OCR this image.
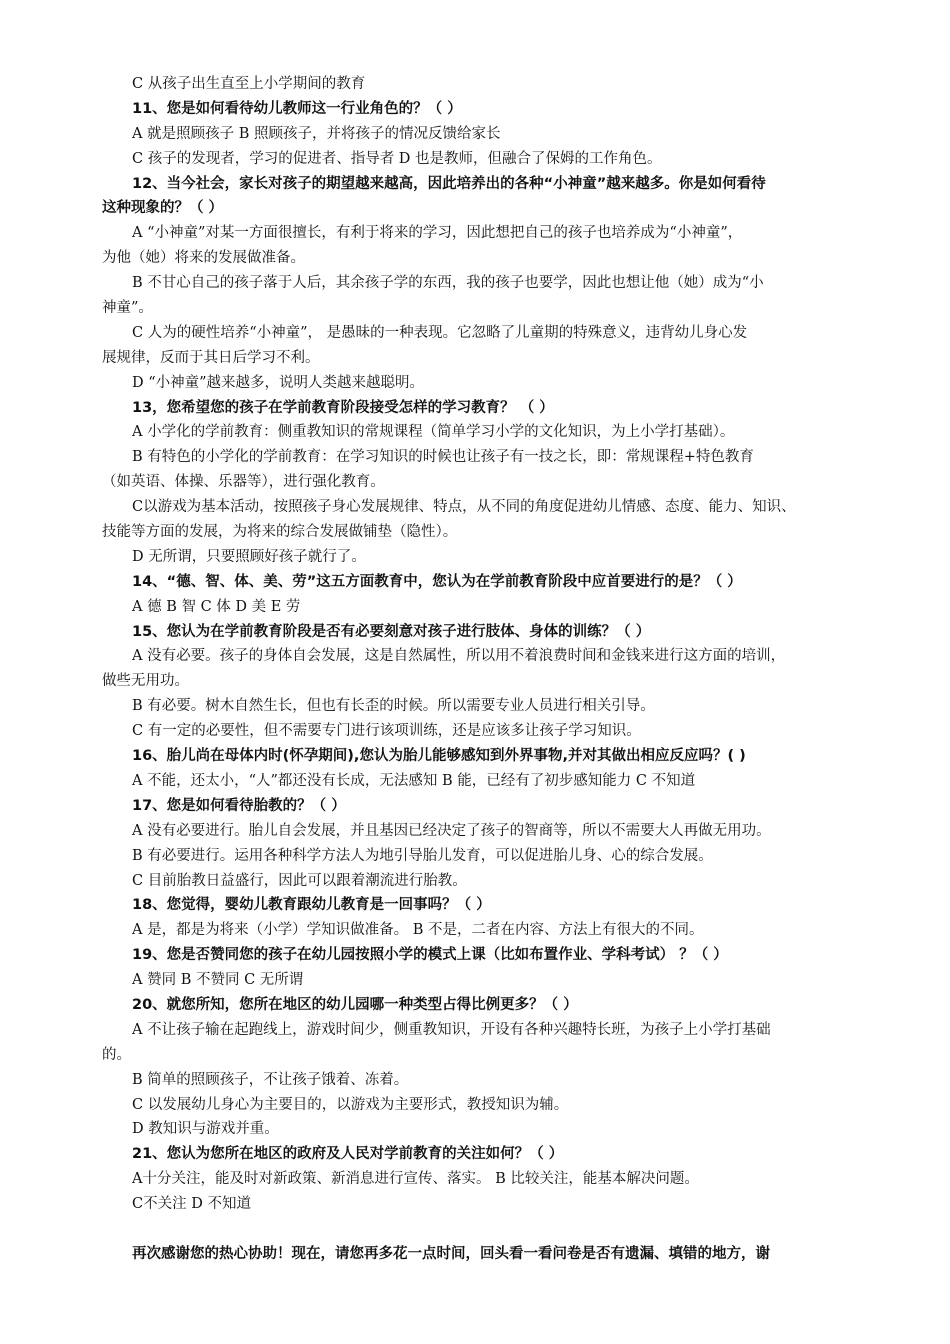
C 从孩子出生直至上小学期间的教育
11、您是如何看待幼儿教师这一行业角色的？（ ）
A 就是照顾孩子 B 照顾孩子，并将孩子的情况反馈给家长
C 孩子的发现者，学习的促进者、指导者 D 也是教师，但融合了保姆的工作角色。
12、当今社会，家长对孩子的期望越来越高，因此培养出的各种“小神童”越来越多。你是如何看待
这种现象的？（ ）
A “小神童”对某一方面很擅长，有利于将来的学习，因此想把自己的孩子也培养成为“小神童”，
为他（她）将来的发展做准备。
B 不甘心自己的孩子落于人后，其余孩子学的东西，我的孩子也要学，因此也想让他（她）成为“小
神童”。
C 人为的硬性培养“小神童”， 是愚昧的一种表现。它忽略了儿童期的特殊意义，违背幼儿身心发
展规律，反而于其日后学习不利。
D “小神童”越来越多，说明人类越来越聪明。
13，您希望您的孩子在学前教育阶段接受怎样的学习教育？ （ ）
A 小学化的学前教育：侧重教知识的常规课程（简单学习小学的文化知识，为上小学打基础）。
B 有特色的小学化的学前教育：在学习知识的时候也让孩子有一技之长，即：常规课程+特色教育
（如英语、体操、乐器等），进行强化教育。
C以游戏为基本活动，按照孩子身心发展规律、特点，从不同的角度促进幼儿情感、态度、能力、知识、
技能等方面的发展，为将来的综合发展做铺垫（隐性）。
D 无所谓，只要照顾好孩子就行了。
14、“德、智、体、美、劳”这五方面教育中，您认为在学前教育阶段中应首要进行的是？（ ）
A 德 B 智 C 体 D 美 E 劳
15、您认为在学前教育阶段是否有必要刻意对孩子进行肢体、身体的训练？（ ）
A 没有必要。孩子的身体自会发展，这是自然属性，所以用不着浪费时间和金钱来进行这方面的培训，
做些无用功。
B 有必要。树木自然生长，但也有长歪的时候。所以需要专业人员进行相关引导。
C 有一定的必要性，但不需要专门进行该项训练，还是应该多让孩子学习知识。
16、胎儿尚在母体内时(怀孕期间),您认为胎儿能够感知到外界事物,并对其做出相应反应吗？( )
A 不能，还太小，“人”都还没有长成，无法感知 B 能，已经有了初步感知能力 C 不知道
17、您是如何看待胎教的？（ ）
A 没有必要进行。胎儿自会发展，并且基因已经决定了孩子的智商等，所以不需要大人再做无用功。
B 有必要进行。运用各种科学方法人为地引导胎儿发育，可以促进胎儿身、心的综合发展。
C 目前胎教日益盛行，因此可以跟着潮流进行胎教。
18、您觉得，婴幼儿教育跟幼儿教育是一回事吗？（ ）
A 是，都是为将来（小学）学知识做准备。 B 不是，二者在内容、方法上有很大的不同。
19、您是否赞同您的孩子在幼儿园按照小学的模式上课（比如布置作业、学科考试） ？（ ）
A 赞同 B 不赞同 C 无所谓
20、就您所知，您所在地区的幼儿园哪一种类型占得比例更多？（ ）
A 不让孩子输在起跑线上，游戏时间少，侧重教知识，开设有各种兴趣特长班，为孩子上小学打基础
的。
B 简单的照顾孩子，不让孩子饿着、冻着。
C 以发展幼儿身心为主要目的，以游戏为主要形式，教授知识为辅。
D 教知识与游戏并重。
21、您认为您所在地区的政府及人民对学前教育的关注如何？（ ）
A十分关注，能及时对新政策、新消息进行宣传、落实。 B 比较关注，能基本解决问题。
C不关注 D 不知道
再次感谢您的热心协助！现在，请您再多花一点时间，回头看一看问卷是否有遗漏、填错的地方，谢
